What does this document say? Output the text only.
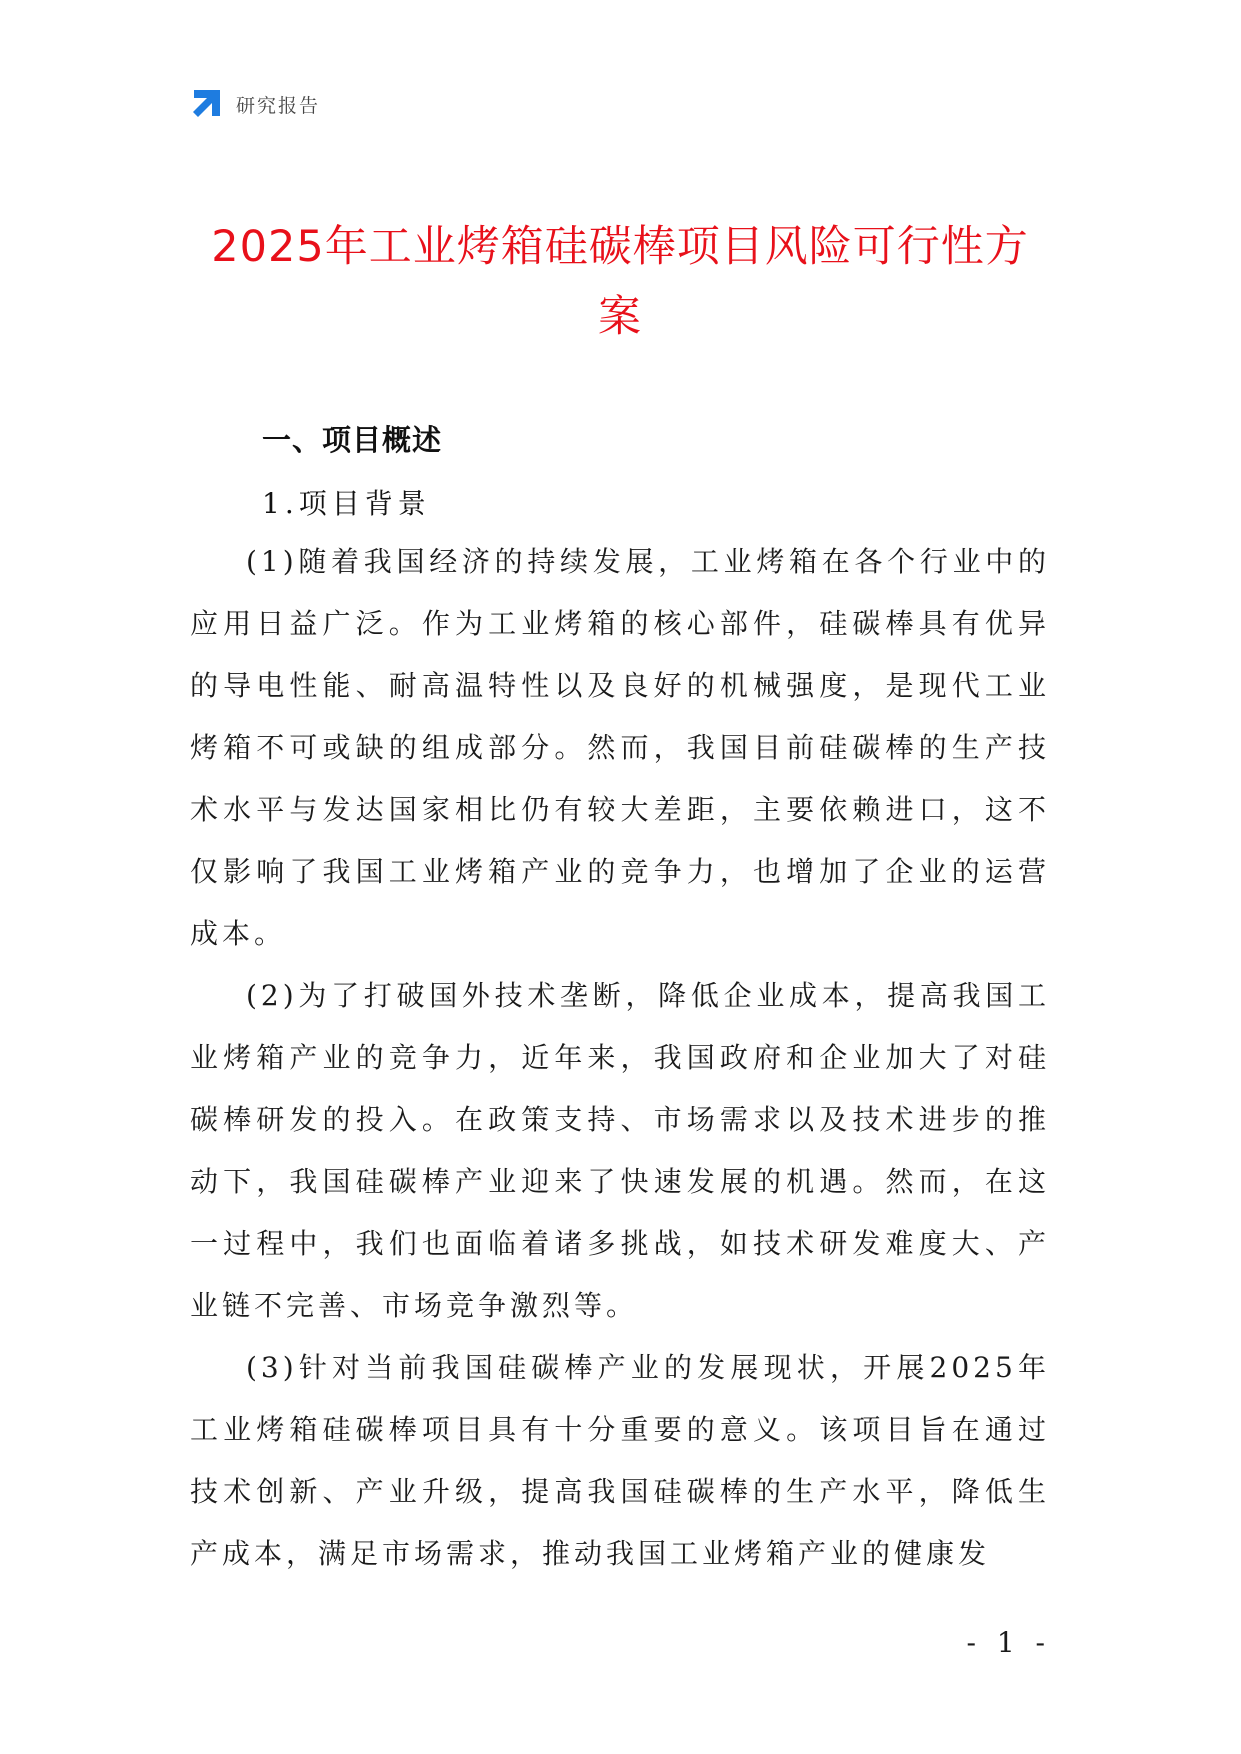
研究报告
2025年工业烤箱硅碳棒项目风险可行性方案
一、项目概述
1.项目背景

(1)随着我国经济的持续发展，工业烤箱在各个行业中的应用日益广泛。作为工业烤箱的核心部件，硅碳棒具有优异的导电性能、耐高温特性以及良好的机械强度，是现代工业烤箱不可或缺的组成部分。然而，我国目前硅碳棒的生产技术水平与发达国家相比仍有较大差距，主要依赖进口，这不仅影响了我国工业烤箱产业的竞争力，也增加了企业的运营成本。

(2)为了打破国外技术垄断，降低企业成本，提高我国工业烤箱产业的竞争力，近年来，我国政府和企业加大了对硅碳棒研发的投入。在政策支持、市场需求以及技术进步的推动下，我国硅碳棒产业迎来了快速发展的机遇。然而，在这一过程中，我们也面临着诸多挑战，如技术研发难度大、产业链不完善、市场竞争激烈等。

(3)针对当前我国硅碳棒产业的发展现状，开展2025年工业烤箱硅碳棒项目具有十分重要的意义。该项目旨在通过技术创新、产业升级，提高我国硅碳棒的生产水平，降低生产成本，满足市场需求，推动我国工业烤箱产业的健康发

- 1 -
